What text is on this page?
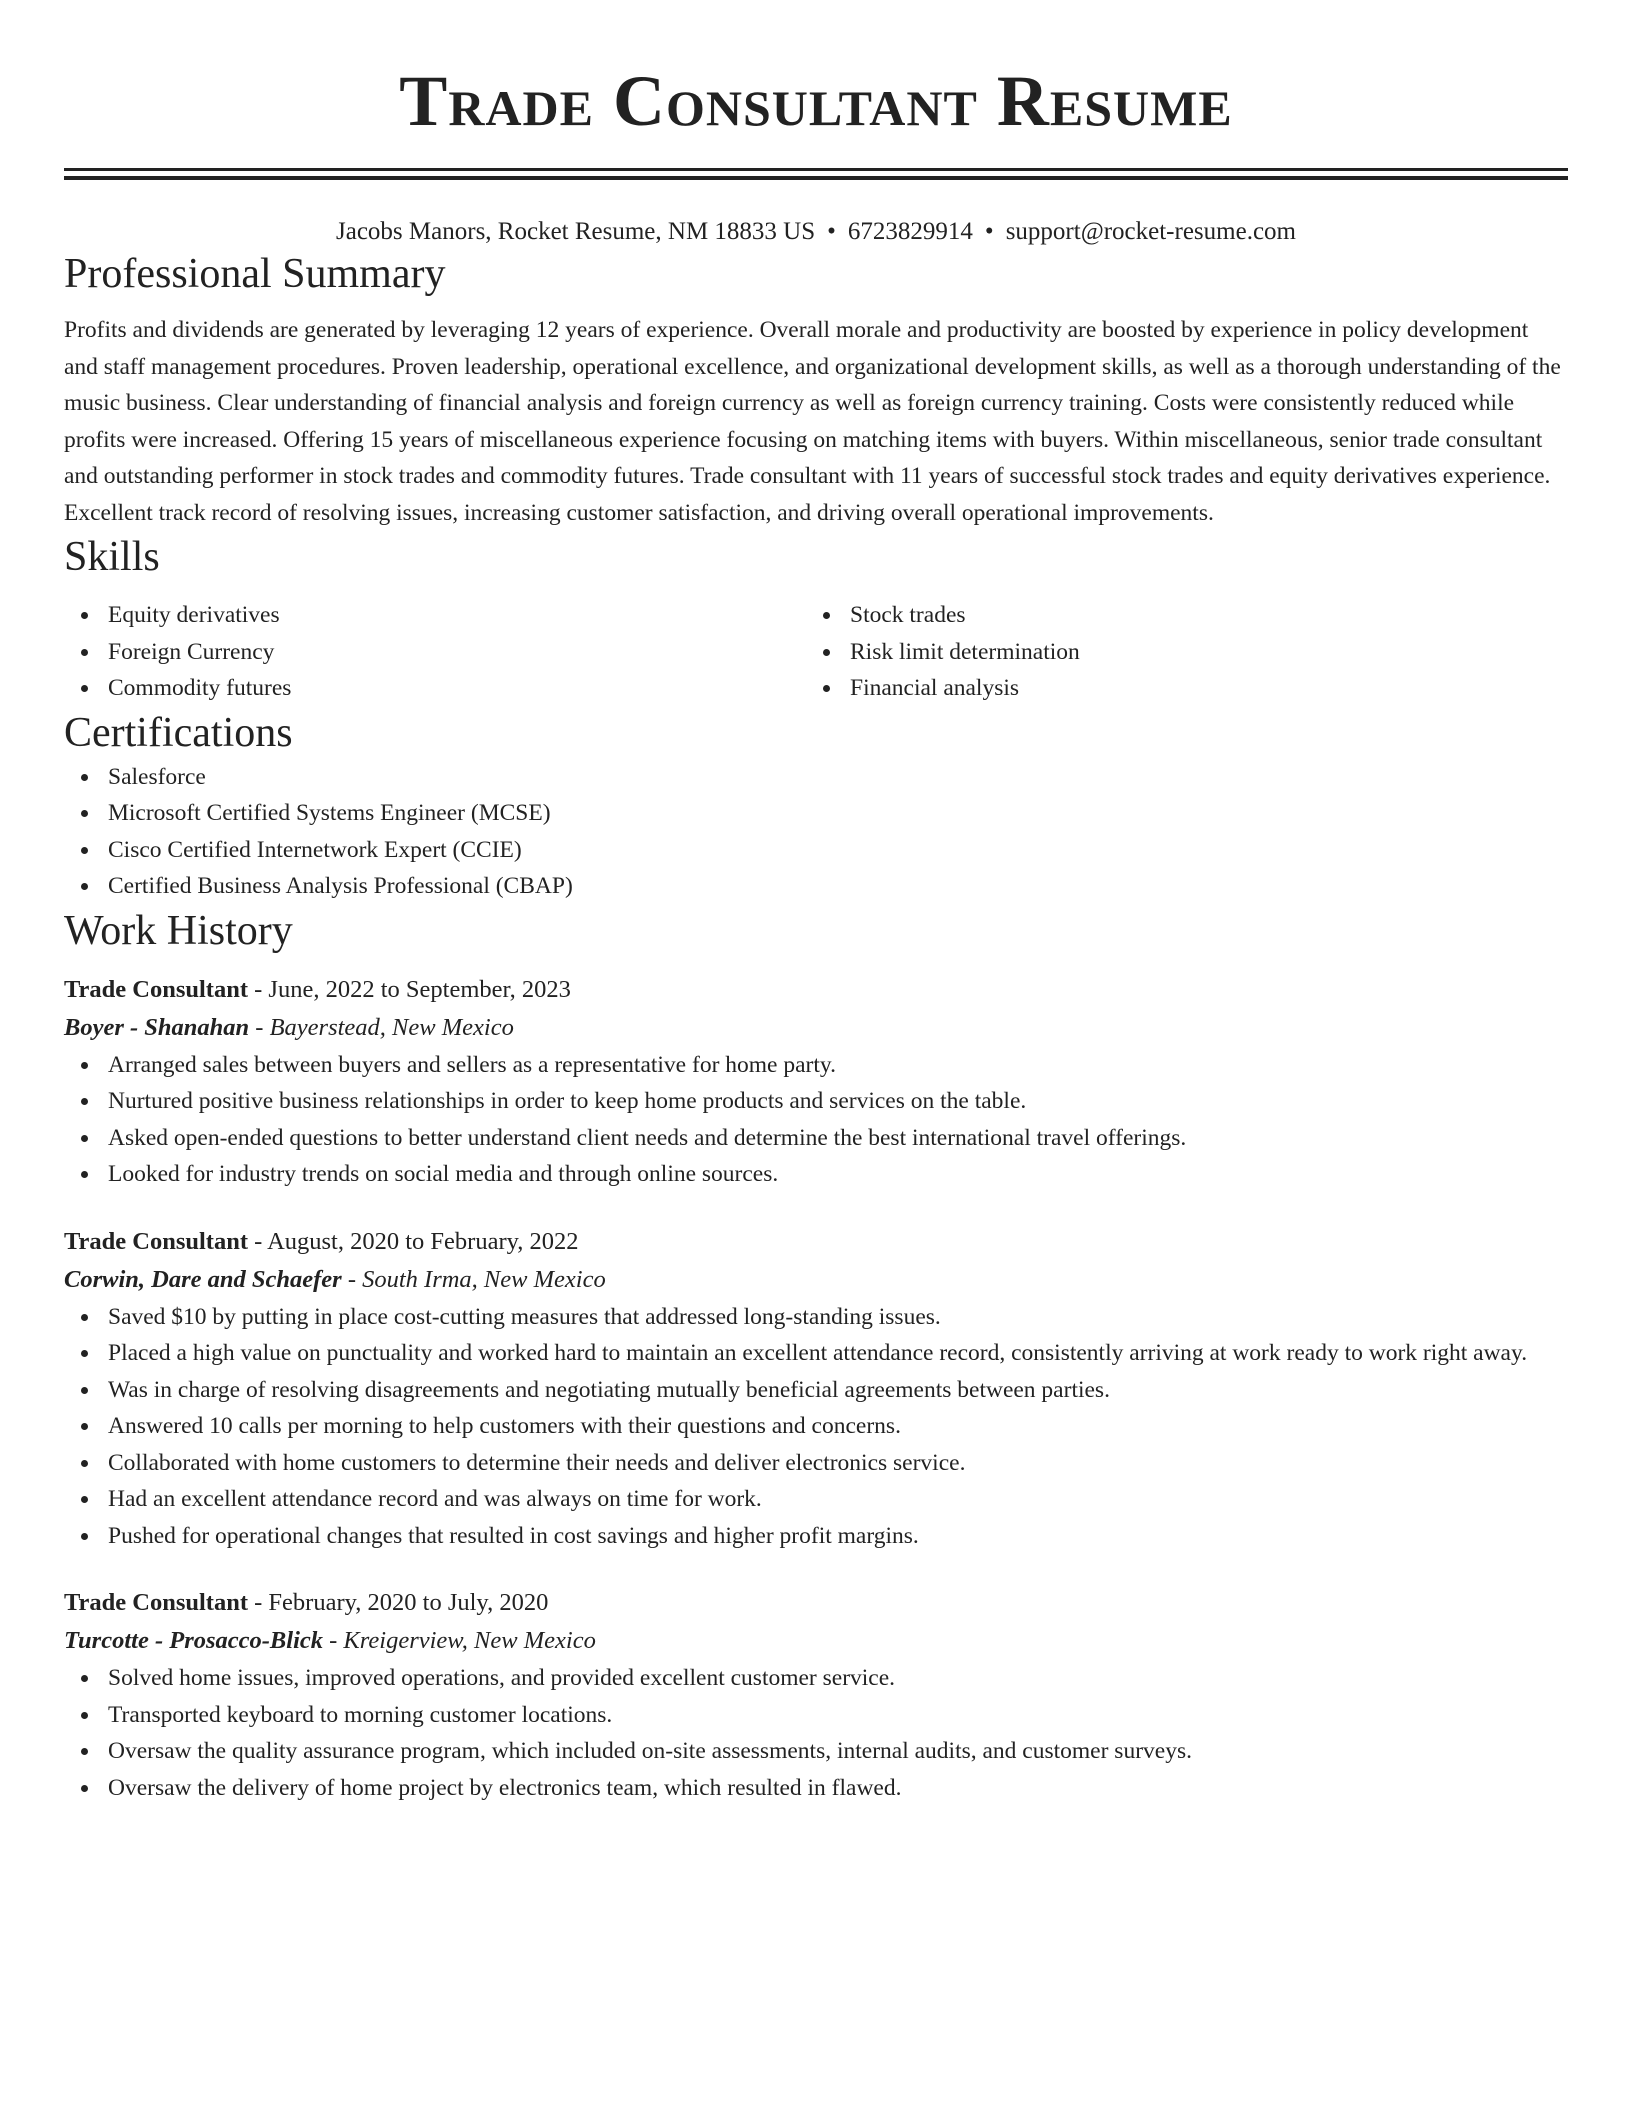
Trade Consultant Resume
Jacobs Manors, Rocket Resume, NM 18833 US • 6723829914 • support@rocket-resume.com
Professional Summary

Profits and dividends are generated by leveraging 12 years of experience. Overall morale and productivity are boosted by experience in policy development and staff management procedures. Proven leadership, operational excellence, and organizational development skills, as well as a thorough understanding of the music business. Clear understanding of financial analysis and foreign currency as well as foreign currency training. Costs were consistently reduced while profits were increased. Offering 15 years of miscellaneous experience focusing on matching items with buyers. Within miscellaneous, senior trade consultant and outstanding performer in stock trades and commodity futures. Trade consultant with 11 years of successful stock trades and equity derivatives experience. Excellent track record of resolving issues, increasing customer satisfaction, and driving overall operational improvements.

Skills
Equity derivatives
Foreign Currency
Commodity futures
Stock trades
Risk limit determination
Financial analysis
Certifications
Salesforce
Microsoft Certified Systems Engineer (MCSE)
Cisco Certified Internetwork Expert (CCIE)
Certified Business Analysis Professional (CBAP)
Work History
Trade Consultant - June, 2022 to September, 2023
Boyer - Shanahan - Bayerstead, New Mexico
Arranged sales between buyers and sellers as a representative for home party.
Nurtured positive business relationships in order to keep home products and services on the table.
Asked open-ended questions to better understand client needs and determine the best international travel offerings.
Looked for industry trends on social media and through online sources.
Trade Consultant - August, 2020 to February, 2022
Corwin, Dare and Schaefer - South Irma, New Mexico
Saved $10 by putting in place cost-cutting measures that addressed long-standing issues.
Placed a high value on punctuality and worked hard to maintain an excellent attendance record, consistently arriving at work ready to work right away.
Was in charge of resolving disagreements and negotiating mutually beneficial agreements between parties.
Answered 10 calls per morning to help customers with their questions and concerns.
Collaborated with home customers to determine their needs and deliver electronics service.
Had an excellent attendance record and was always on time for work.
Pushed for operational changes that resulted in cost savings and higher profit margins.
Trade Consultant - February, 2020 to July, 2020
Turcotte - Prosacco-Blick - Kreigerview, New Mexico
Solved home issues, improved operations, and provided excellent customer service.
Transported keyboard to morning customer locations.
Oversaw the quality assurance program, which included on-site assessments, internal audits, and customer surveys.
Oversaw the delivery of home project by electronics team, which resulted in flawed.
